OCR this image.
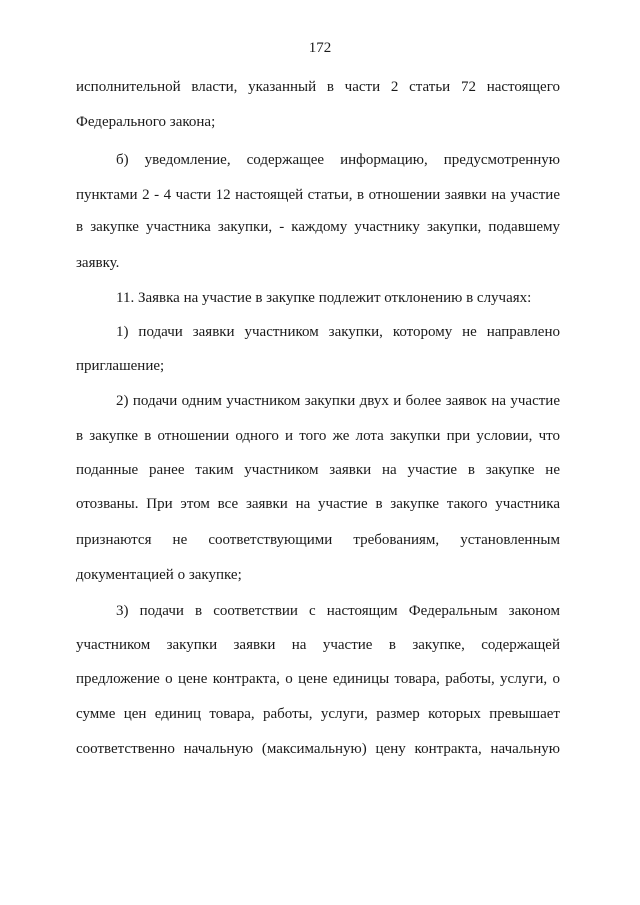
172
исполнительной власти, указанный в части 2 статьи 72 настоящего
Федерального закона;
б) уведомление, содержащее информацию, предусмотренную
пунктами 2 - 4 части 12 настоящей статьи, в отношении заявки на участие
в закупке участника закупки, - каждому участнику закупки, подавшему
заявку.
11. Заявка на участие в закупке подлежит отклонению в случаях:
1) подачи заявки участником закупки, которому не направлено
приглашение;
2) подачи одним участником закупки двух и более заявок на участие
в закупке в отношении одного и того же лота закупки при условии, что
поданные ранее таким участником заявки на участие в закупке не
отозваны. При этом все заявки на участие в закупке такого участника
признаются не соответствующими требованиям, установленным
документацией о закупке;
3) подачи в соответствии с настоящим Федеральным законом
участником закупки заявки на участие в закупке, содержащей
предложение о цене контракта, о цене единицы товара, работы, услуги, о
сумме цен единиц товара, работы, услуги, размер которых превышает
соответственно начальную (максимальную) цену контракта, начальную
